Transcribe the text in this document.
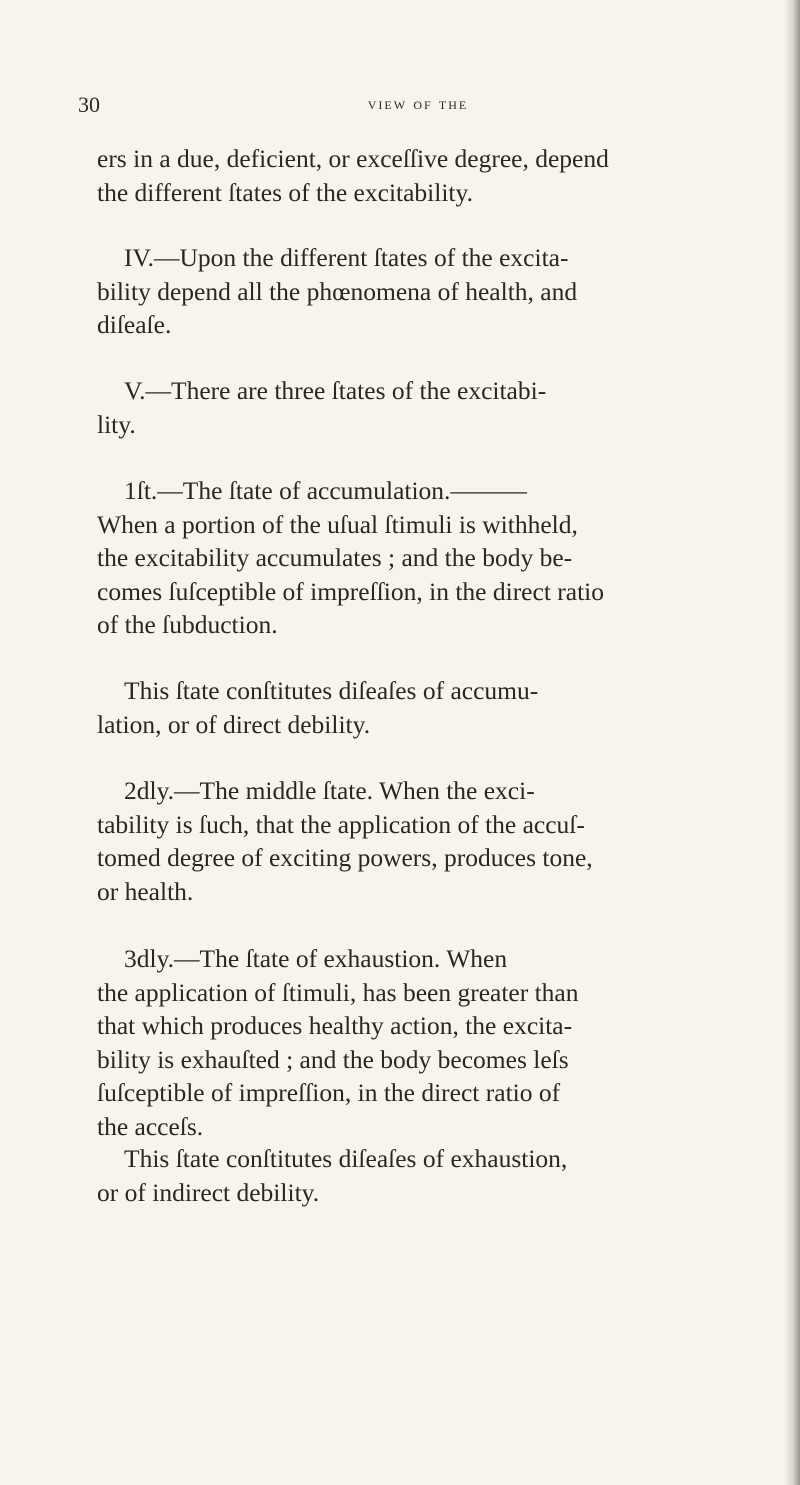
30	view of the
ers in a due, deficient, or exceſſive degree, depend
the different ſtates of the excitability.
IV.—Upon the different ſtates of the excita-
bility depend all the phœnomena of health, and
diſeaſe.
V.—There are three ſtates of the excitabi-
lity.
1ſt.—The ſtate of accumulation.———
When a portion of the uſual ſtimuli is withheld,
the excitability accumulates ; and the body be-
comes ſuſceptible of impreſſion, in the direct ratio
of the ſubduction.
This ſtate conſtitutes diſeaſes of accumu-
lation, or of direct debility.
2dly.—The middle ſtate. When the exci-
tability is ſuch, that the application of the accuſ-
tomed degree of exciting powers, produces tone,
or health.
3dly.—The ſtate of exhaustion. When
the application of ſtimuli, has been greater than
that which produces healthy action, the excita-
bility is exhauſted ; and the body becomes leſs
ſuſceptible of impreſſion, in the direct ratio of
the acceſs.
This ſtate conſtitutes diſeaſes of exhaustion,
or of indirect debility.
